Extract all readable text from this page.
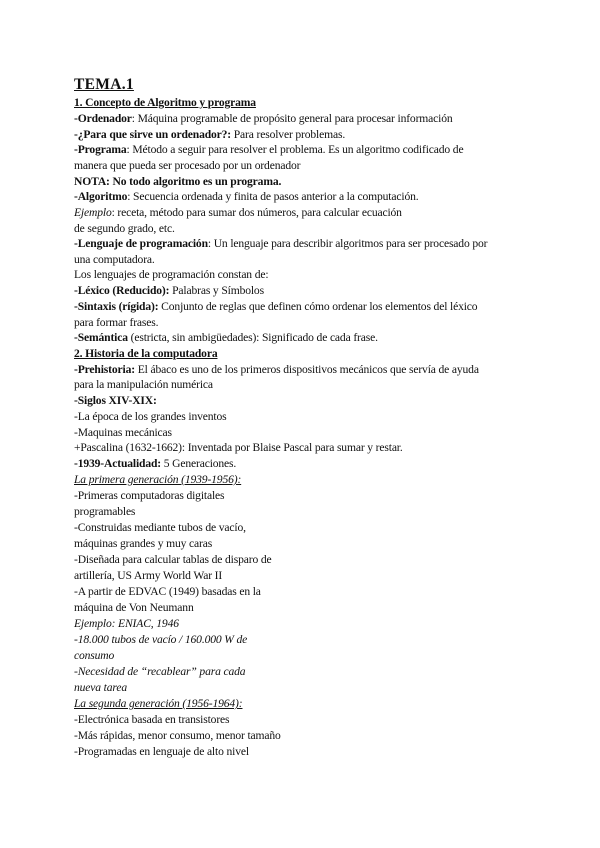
TEMA.1
1. Concepto de Algoritmo y programa
-Ordenador: Máquina programable de propósito general para procesar información
-¿Para que sirve un ordenador?: Para resolver problemas.
-Programa: Método a seguir para resolver el problema. Es un algoritmo codificado de
manera que pueda ser procesado por un ordenador
NOTA: No todo algoritmo es un programa.
-Algoritmo: Secuencia ordenada y finita de pasos anterior a la computación.
Ejemplo: receta, método para sumar dos números, para calcular ecuación
de segundo grado, etc.
-Lenguaje de programación: Un lenguaje para describir algoritmos para ser procesado por
una computadora.
Los lenguajes de programación constan de:
-Léxico (Reducido): Palabras y Símbolos
-Sintaxis (rígida): Conjunto de reglas que definen cómo ordenar los elementos del léxico
para formar frases.
-Semántica (estricta, sin ambigüedades): Significado de cada frase.
2. Historia de la computadora
-Prehistoria: El ábaco es uno de los primeros dispositivos mecánicos que servía de ayuda
para la manipulación numérica
-Siglos XIV-XIX:
-La época de los grandes inventos
-Maquinas mecánicas
+Pascalina (1632-1662): Inventada por Blaise Pascal para sumar y restar.
-1939-Actualidad: 5 Generaciones.
La primera generación (1939-1956):
-Primeras computadoras digitales
programables
-Construidas mediante tubos de vacío,
máquinas grandes y muy caras
-Diseñada para calcular tablas de disparo de
artillería, US Army World War II
-A partir de EDVAC (1949) basadas en la
máquina de Von Neumann
Ejemplo: ENIAC, 1946
-18.000 tubos de vacío / 160.000 W de
consumo
-Necesidad de “recablear” para cada
nueva tarea
La segunda generación (1956-1964):
-Electrónica basada en transistores
-Más rápidas, menor consumo, menor tamaño
-Programadas en lenguaje de alto nivel
